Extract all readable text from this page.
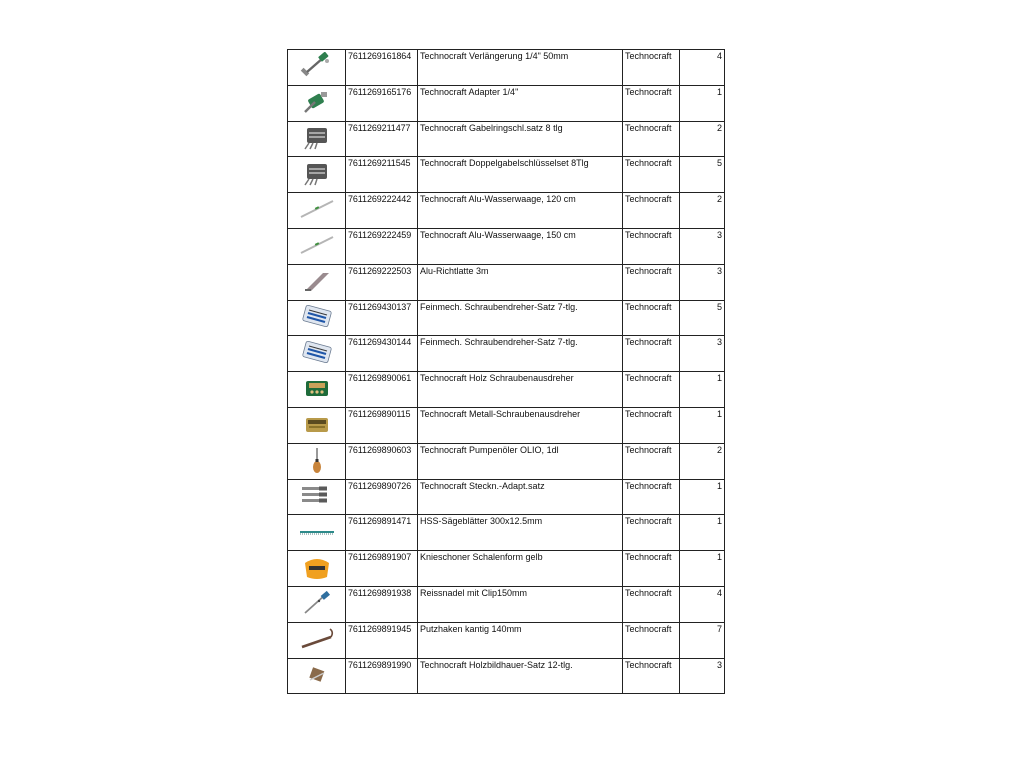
	7611269161864	Technocraft Verlängerung 1/4" 50mm	Technocraft	4

	7611269165176	Technocraft Adapter 1/4"	Technocraft	1

	7611269211477	Technocraft Gabelringschl.satz 8 tlg	Technocraft	2

	7611269211545	Technocraft Doppelgabelschlüsselset 8Tlg	Technocraft	5

	7611269222442	Technocraft Alu-Wasserwaage, 120 cm	Technocraft	2

	7611269222459	Technocraft Alu-Wasserwaage, 150 cm	Technocraft	3

	7611269222503	Alu-Richtlatte 3m	Technocraft	3

	7611269430137	Feinmech. Schraubendreher-Satz 7-tlg.	Technocraft	5

	7611269430144	Feinmech. Schraubendreher-Satz 7-tlg.	Technocraft	3

	7611269890061	Technocraft Holz Schraubenausdreher	Technocraft	1

	7611269890115	Technocraft Metall-Schraubenausdreher	Technocraft	1

	7611269890603	Technocraft Pumpenöler OLIO, 1dl	Technocraft	2

	7611269890726	Technocraft Steckn.-Adapt.satz	Technocraft	1

	7611269891471	HSS-Sägeblätter 300x12.5mm	Technocraft	1

	7611269891907	Knieschoner Schalenform gelb	Technocraft	1

	7611269891938	Reissnadel mit Clip150mm	Technocraft	4

	7611269891945	Putzhaken kantig 140mm	Technocraft	7

	7611269891990	Technocraft Holzbildhauer-Satz 12-tlg.	Technocraft	3
